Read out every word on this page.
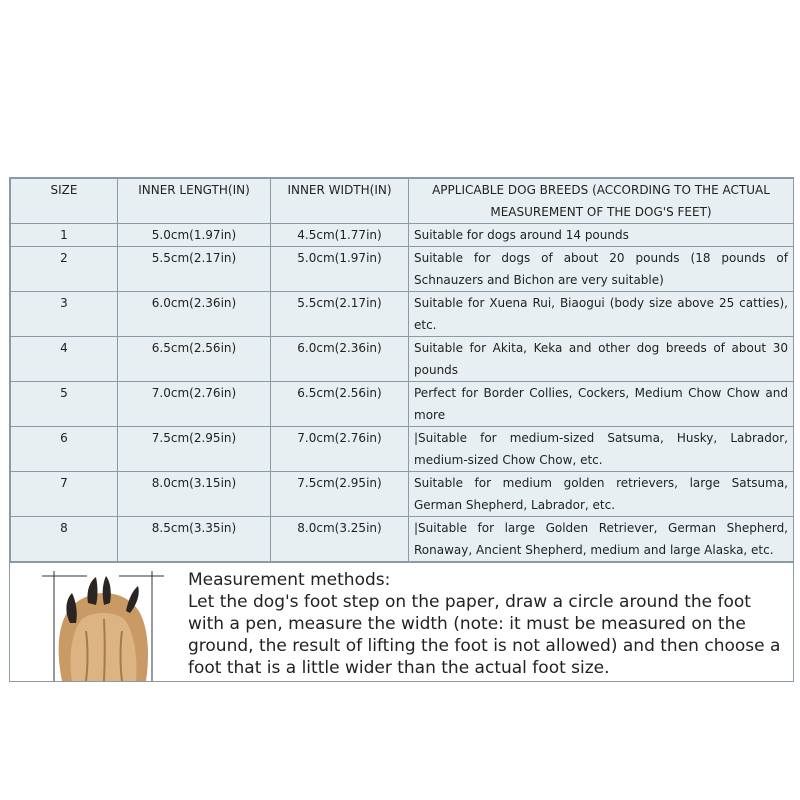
SIZE	INNER LENGTH(IN)	INNER WIDTH(IN)	APPLICABLE DOG BREEDS (ACCORDING TO THE ACTUAL MEASUREMENT OF THE DOG'S FEET)
1	5.0cm(1.97in)	4.5cm(1.77in)	Suitable for dogs around 14 pounds
2	5.5cm(2.17in)	5.0cm(1.97in)	Suitable for dogs of about 20 pounds (18 pounds of Schnauzers and Bichon are very suitable)
3	6.0cm(2.36in)	5.5cm(2.17in)	Suitable for Xuena Rui, Biaogui (body size above 25 catties), etc.
4	6.5cm(2.56in)	6.0cm(2.36in)	Suitable for Akita, Keka and other dog breeds of about 30 pounds
5	7.0cm(2.76in)	6.5cm(2.56in)	Perfect for Border Collies, Cockers, Medium Chow Chow and more
6	7.5cm(2.95in)	7.0cm(2.76in)	|Suitable for medium-sized Satsuma, Husky, Labrador, medium-sized Chow Chow, etc.
7	8.0cm(3.15in)	7.5cm(2.95in)	Suitable for medium golden retrievers, large Satsuma, German Shepherd, Labrador, etc.
8	8.5cm(3.35in)	8.0cm(3.25in)	|Suitable for large Golden Retriever, German Shepherd, Ronaway, Ancient Shepherd, medium and large Alaska, etc.
Measurement methods:
Let the dog's foot step on the paper, draw a circle around the foot with a pen, measure the width (note: it must be measured on the ground, the result of lifting the foot is not allowed) and then choose a foot that is a little wider than the actual foot size.
